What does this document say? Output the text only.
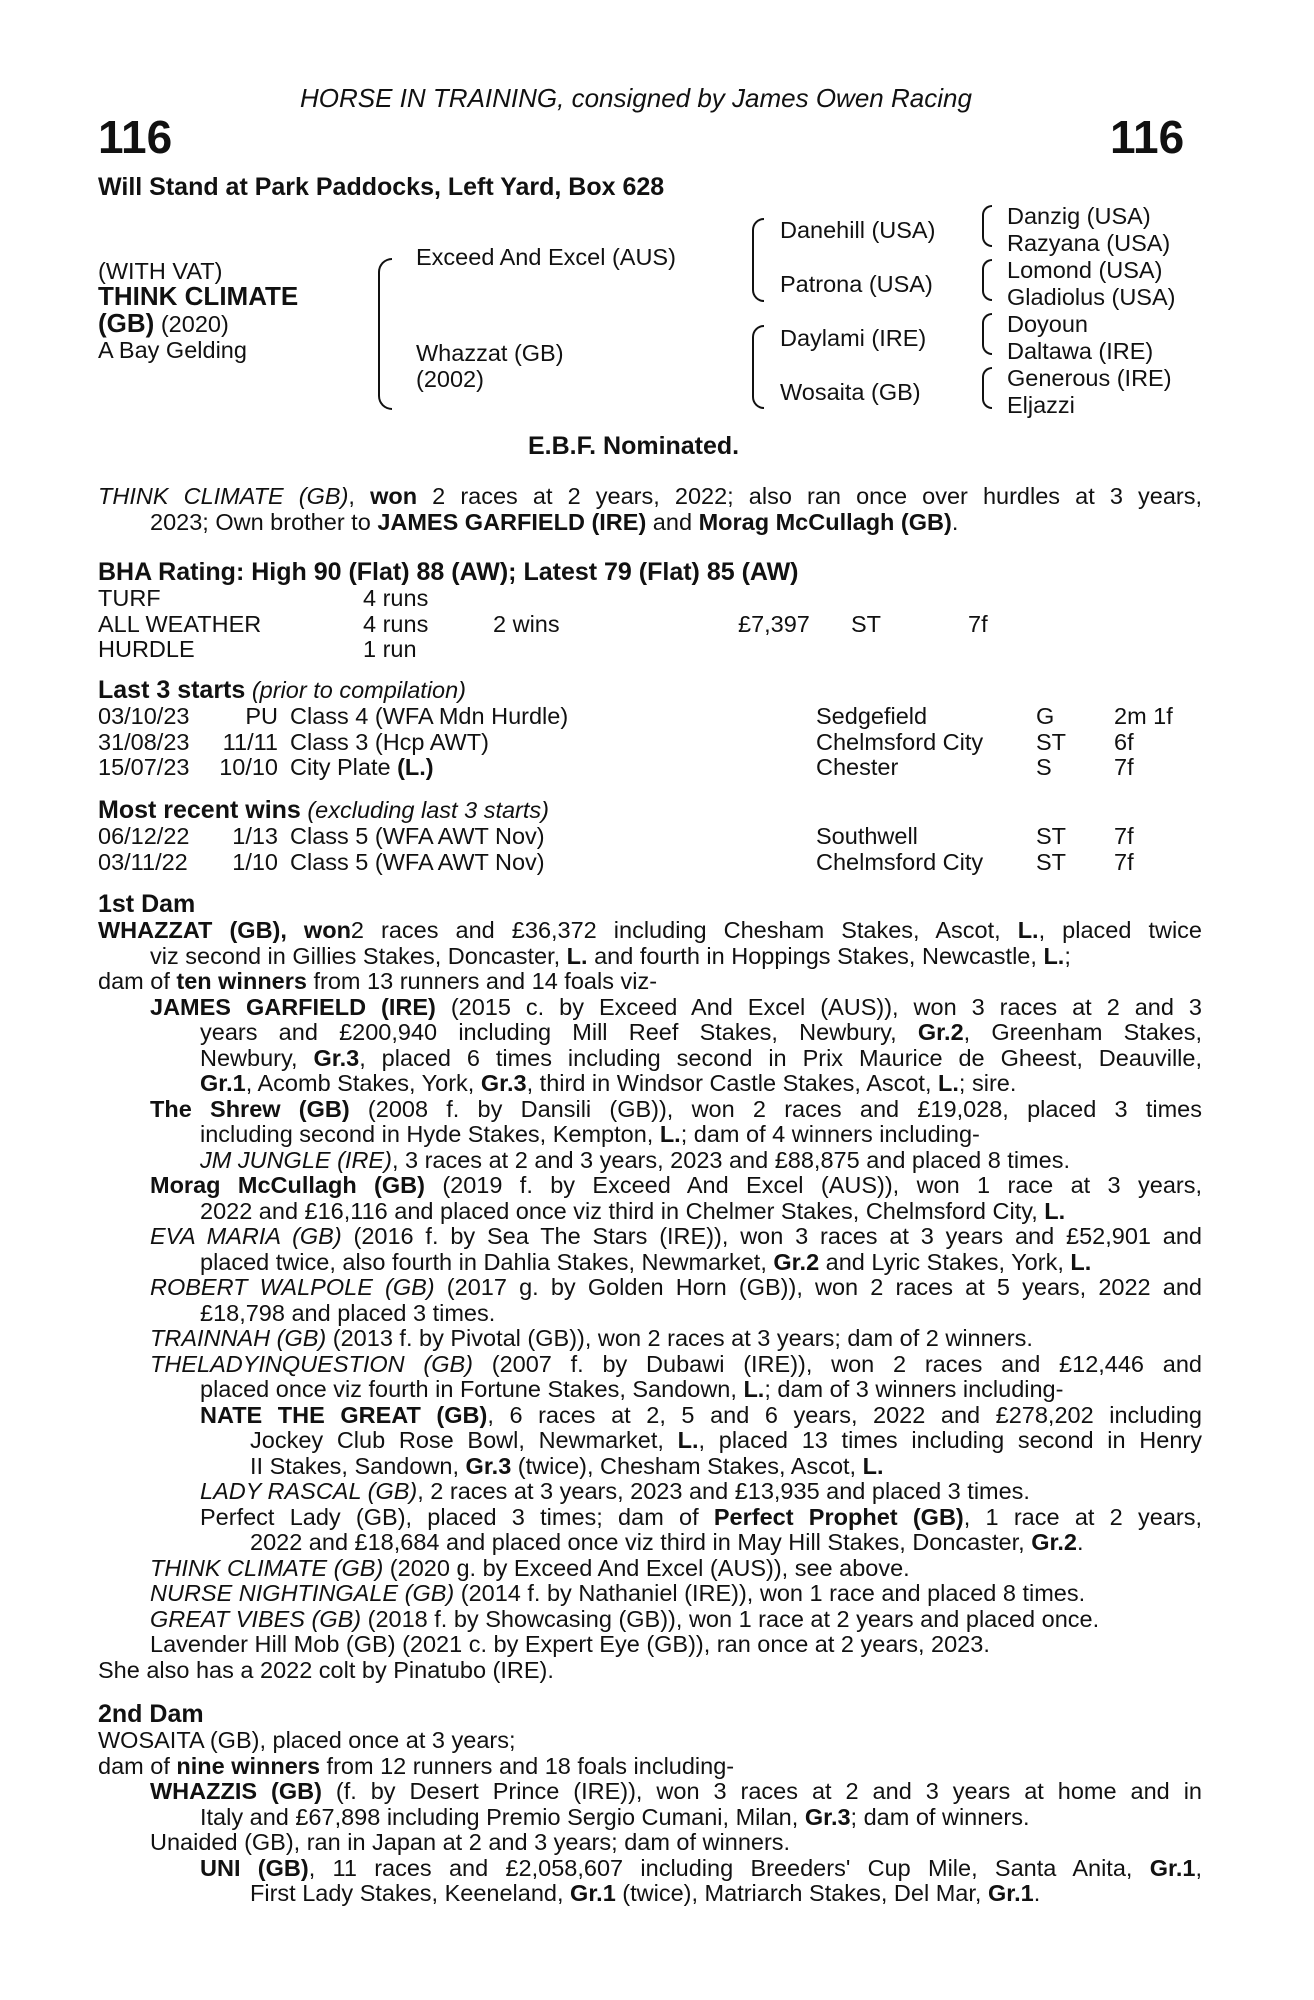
HORSE IN TRAINING, consigned by James Owen Racing
116	116
Will Stand at Park Paddocks, Left Yard, Box 628
(WITH VAT)
THINK CLIMATE
(GB) (2020)
A Bay Gelding
Exceed And Excel (AUS)
Whazzat (GB)
(2002)
Danehill (USA)
Patrona (USA)
Daylami (IRE)
Wosaita (GB)
Danzig (USA)
Razyana (USA)
Lomond (USA)
Gladiolus (USA)
Doyoun
Daltawa (IRE)
Generous (IRE)
Eljazzi
E.B.F. Nominated.
THINK CLIMATE (GB), won 2 races at 2 years, 2022; also ran once over hurdles at 3 years,
2023; Own brother to JAMES GARFIELD (IRE) and Morag McCullagh (GB).
BHA Rating: High 90 (Flat) 88 (AW); Latest 79 (Flat) 85 (AW)
TURF	4 runs
ALL WEATHER	4 runs	2 wins	£7,397 ST	7f
HURDLE	1 run
Last 3 starts (prior to compilation)
03/10/23	PU Class 4 (WFA Mdn Hurdle)	Sedgefield	G	2m 1f
31/08/23	11/11 Class 3 (Hcp AWT)	Chelmsford City ST 6f
15/07/23	10/10 City Plate (L.)	Chester	S	7f
Most recent wins (excluding last 3 starts)
06/12/22	1/13 Class 5 (WFA AWT Nov)	Southwell	ST 7f
03/11/22	1/10 Class 5 (WFA AWT Nov)	Chelmsford City ST 7f
1st Dam
WHAZZAT (GB), won2 races and £36,372 including Chesham Stakes, Ascot, L., placed twice
viz second in Gillies Stakes, Doncaster, L. and fourth in Hoppings Stakes, Newcastle, L.;
dam of ten winners from 13 runners and 14 foals viz-
JAMES GARFIELD (IRE) (2015 c. by Exceed And Excel (AUS)), won 3 races at 2 and 3
years and £200,940 including Mill Reef Stakes, Newbury, Gr.2, Greenham Stakes,
Newbury, Gr.3, placed 6 times including second in Prix Maurice de Gheest, Deauville,
Gr.1, Acomb Stakes, York, Gr.3, third in Windsor Castle Stakes, Ascot, L.; sire.
The Shrew (GB) (2008 f. by Dansili (GB)), won 2 races and £19,028, placed 3 times
including second in Hyde Stakes, Kempton, L.; dam of 4 winners including-
JM JUNGLE (IRE), 3 races at 2 and 3 years, 2023 and £88,875 and placed 8 times.
Morag McCullagh (GB) (2019 f. by Exceed And Excel (AUS)), won 1 race at 3 years,
2022 and £16,116 and placed once viz third in Chelmer Stakes, Chelmsford City, L.
EVA MARIA (GB) (2016 f. by Sea The Stars (IRE)), won 3 races at 3 years and £52,901 and
placed twice, also fourth in Dahlia Stakes, Newmarket, Gr.2 and Lyric Stakes, York, L.
ROBERT WALPOLE (GB) (2017 g. by Golden Horn (GB)), won 2 races at 5 years, 2022 and
£18,798 and placed 3 times.
TRAINNAH (GB) (2013 f. by Pivotal (GB)), won 2 races at 3 years; dam of 2 winners.
THELADYINQUESTION (GB) (2007 f. by Dubawi (IRE)), won 2 races and £12,446 and
placed once viz fourth in Fortune Stakes, Sandown, L.; dam of 3 winners including-
NATE THE GREAT (GB), 6 races at 2, 5 and 6 years, 2022 and £278,202 including
Jockey Club Rose Bowl, Newmarket, L., placed 13 times including second in Henry
II Stakes, Sandown, Gr.3 (twice), Chesham Stakes, Ascot, L.
LADY RASCAL (GB), 2 races at 3 years, 2023 and £13,935 and placed 3 times.
Perfect Lady (GB), placed 3 times; dam of Perfect Prophet (GB), 1 race at 2 years,
2022 and £18,684 and placed once viz third in May Hill Stakes, Doncaster, Gr.2.
THINK CLIMATE (GB) (2020 g. by Exceed And Excel (AUS)), see above.
NURSE NIGHTINGALE (GB) (2014 f. by Nathaniel (IRE)), won 1 race and placed 8 times.
GREAT VIBES (GB) (2018 f. by Showcasing (GB)), won 1 race at 2 years and placed once.
Lavender Hill Mob (GB) (2021 c. by Expert Eye (GB)), ran once at 2 years, 2023.
She also has a 2022 colt by Pinatubo (IRE).
2nd Dam
WOSAITA (GB), placed once at 3 years;
dam of nine winners from 12 runners and 18 foals including-
WHAZZIS (GB) (f. by Desert Prince (IRE)), won 3 races at 2 and 3 years at home and in
Italy and £67,898 including Premio Sergio Cumani, Milan, Gr.3; dam of winners.
Unaided (GB), ran in Japan at 2 and 3 years; dam of winners.
UNI (GB), 11 races and £2,058,607 including Breeders' Cup Mile, Santa Anita, Gr.1,
First Lady Stakes, Keeneland, Gr.1 (twice), Matriarch Stakes, Del Mar, Gr.1.
